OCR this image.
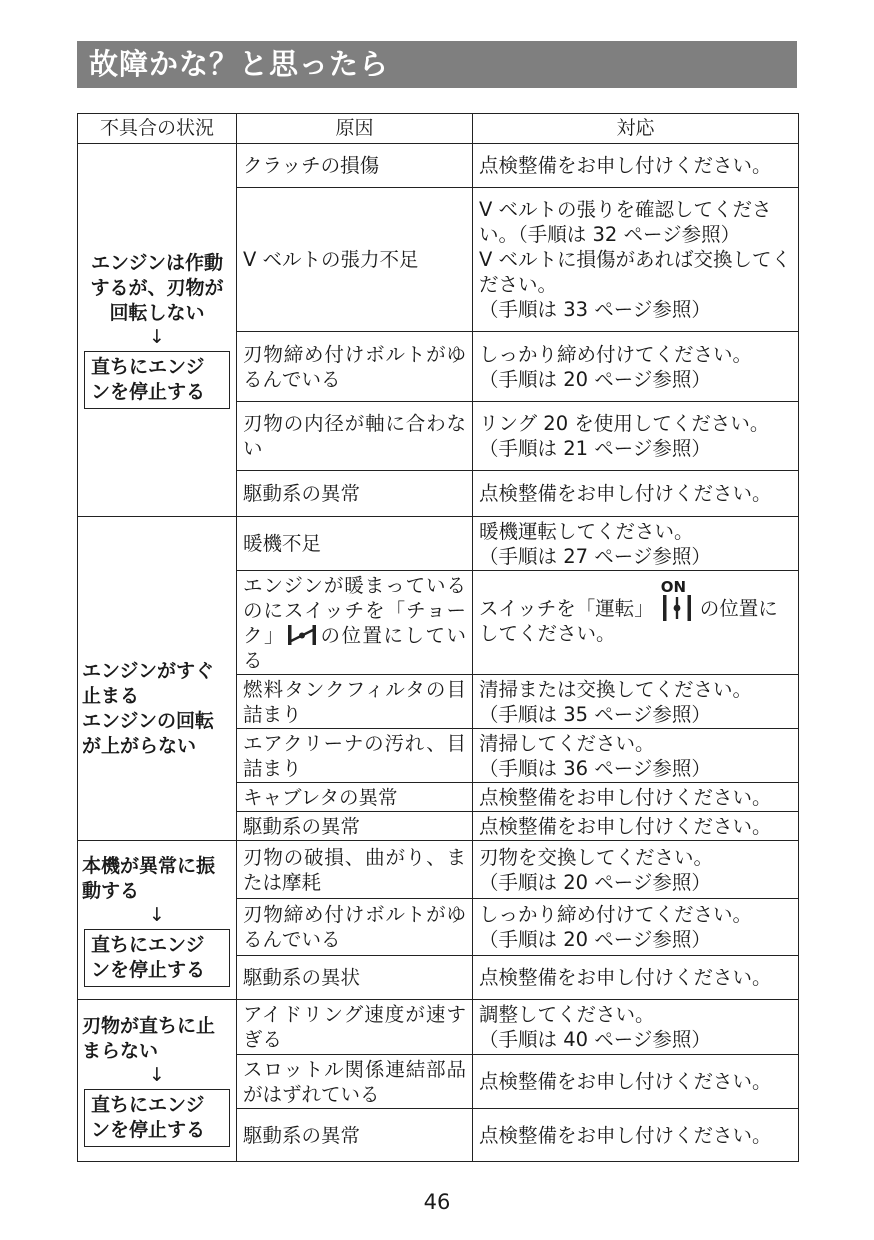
故障かな？と思ったら
不具合の状況	原因	対応

エンジンは作動するが、刃物が回転しない
↓
直ちにエンジンを停止する	クラッチの損傷	点検整備をお申し付けください。
	V ベルトの張力不足	V ベルトの張りを確認してください。（手順は 32 ページ参照）
V ベルトに損傷があれば交換してください。
（手順は 33 ページ参照）
	刃物締め付けボルトがゆるんでいる	しっかり締め付けてください。
（手順は 20 ページ参照）
	刃物の内径が軸に合わない	リング 20 を使用してください。
（手順は 21 ページ参照）
	駆動系の異常	点検整備をお申し付けください。

エンジンがすぐ止まる
エンジンの回転が上がらない	暖機不足	暖機運転してください。
（手順は 27 ページ参照）
	エンジンが暖まっているのにスイッチを「チョーク」 の位置にしている	スイッチを「運転」
ON
の位置にしてください。
	燃料タンクフィルタの目詰まり	清掃または交換してください。
（手順は 35 ページ参照）
	エアクリーナの汚れ、目詰まり	清掃してください。
（手順は 36 ページ参照）
	キャブレタの異常	点検整備をお申し付けください。
	駆動系の異常	点検整備をお申し付けください。

本機が異常に振動する
↓
直ちにエンジンを停止する	刃物の破損、曲がり、または摩耗	刃物を交換してください。
（手順は 20 ページ参照）
	刃物締め付けボルトがゆるんでいる	しっかり締め付けてください。
（手順は 20 ページ参照）
	駆動系の異状	点検整備をお申し付けください。

刃物が直ちに止まらない
↓
直ちにエンジンを停止する	アイドリング速度が速すぎる	調整してください。
（手順は 40 ページ参照）
	スロットル関係連結部品がはずれている	点検整備をお申し付けください。
	駆動系の異常	点検整備をお申し付けください。
46
